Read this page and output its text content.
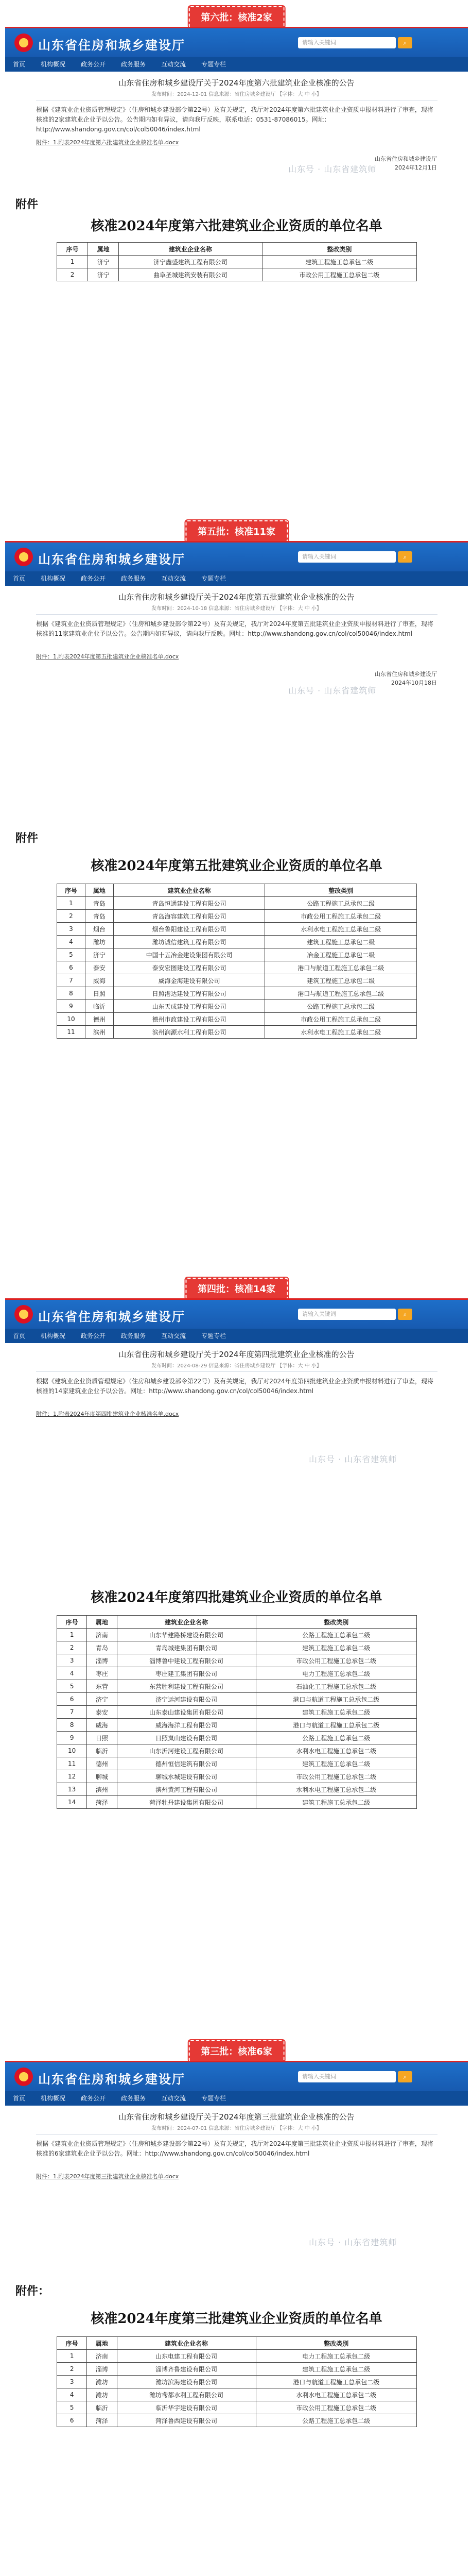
第六批：核准2家
山东省住房和城乡建设厅	请输入关键词	⌕
首页	机构概况	政务公开	政务服务	互动交流	专题专栏
山东省住房和城乡建设厅关于2024年度第六批建筑业企业核准的公告
发布时间：2024-12-01 信息来源：省住房城乡建设厅 【字体：大 中 小】
根据《建筑业企业资质管理规定》（住房和城乡建设部令第22号）及有关规定，我厅对2024年度第六批建筑业企业资质申报材料进行了审查，现将核准的2家建筑业企业予以公告。公告期内如有异议，请向我厅反映，联系电话：0531-87086015。网址：http://www.shandong.gov.cn/col/col50046/index.html
附件：1.附表2024年度第六批建筑业企业核准名单.docx
山东省住房和城乡建设厅
2024年12月1日
山东号 · 山东省建筑师
附件
核准2024年度第六批建筑业企业资质的单位名单
序号	属地	建筑业企业名称	整改类别
1	济宁	济宁鑫盛建筑工程有限公司	建筑工程施工总承包二级
2	济宁	曲阜圣城建筑安装有限公司	市政公用工程施工总承包二级
第五批：核准11家
山东省住房和城乡建设厅	请输入关键词	⌕
首页	机构概况	政务公开	政务服务	互动交流	专题专栏
山东省住房和城乡建设厅关于2024年度第五批建筑业企业核准的公告
发布时间：2024-10-18 信息来源：省住房城乡建设厅 【字体：大 中 小】
根据《建筑业企业资质管理规定》（住房和城乡建设部令第22号）及有关规定，我厅对2024年度第五批建筑业企业资质申报材料进行了审查，现将核准的11家建筑业企业予以公告。公告期内如有异议，请向我厅反映。网址：http://www.shandong.gov.cn/col/col50046/index.html
附件：1.附表2024年度第五批建筑业企业核准名单.docx
山东省住房和城乡建设厅
2024年10月18日
山东号 · 山东省建筑师
附件
核准2024年度第五批建筑业企业资质的单位名单
序号	属地	建筑业企业名称	整改类别
1	青岛	青岛恒通建设工程有限公司	公路工程施工总承包二级
2	青岛	青岛海容建筑工程有限公司	市政公用工程施工总承包二级
3	烟台	烟台鲁阳建设工程有限公司	水利水电工程施工总承包二级
4	潍坊	潍坊诚信建筑工程有限公司	建筑工程施工总承包二级
5	济宁	中国十五冶金建设集团有限公司	冶金工程施工总承包二级
6	泰安	泰安宏图建设工程有限公司	港口与航道工程施工总承包二级
7	威海	威海金海建设有限公司	建筑工程施工总承包二级
8	日照	日照港达建设工程有限公司	港口与航道工程施工总承包二级
9	临沂	山东天成建设工程有限公司	公路工程施工总承包二级
10	德州	德州市政建设工程有限公司	市政公用工程施工总承包二级
11	滨州	滨州润源水利工程有限公司	水利水电工程施工总承包二级
第四批：核准14家
山东省住房和城乡建设厅	请输入关键词	⌕
首页	机构概况	政务公开	政务服务	互动交流	专题专栏
山东省住房和城乡建设厅关于2024年度第四批建筑业企业核准的公告
发布时间：2024-08-29 信息来源：省住房城乡建设厅 【字体：大 中 小】
根据《建筑业企业资质管理规定》（住房和城乡建设部令第22号）及有关规定，我厅对2024年度第四批建筑业企业资质申报材料进行了审查，现将核准的14家建筑业企业予以公告。网址：http://www.shandong.gov.cn/col/col50046/index.html
附件：1.附表2024年度第四批建筑业企业核准名单.docx
山东号 · 山东省建筑师
核准2024年度第四批建筑业企业资质的单位名单
序号	属地	建筑业企业名称	整改类别
1	济南	山东华建路桥建设有限公司	公路工程施工总承包二级
2	青岛	青岛城建集团有限公司	建筑工程施工总承包二级
3	淄博	淄博鲁中建设工程有限公司	市政公用工程施工总承包二级
4	枣庄	枣庄建工集团有限公司	电力工程施工总承包二级
5	东营	东营胜利建设工程有限公司	石油化工工程施工总承包二级
6	济宁	济宁运河建设有限公司	港口与航道工程施工总承包二级
7	泰安	山东泰山建设集团有限公司	建筑工程施工总承包二级
8	威海	威海海洋工程有限公司	港口与航道工程施工总承包二级
9	日照	日照岚山建设有限公司	公路工程施工总承包二级
10	临沂	山东沂河建设工程有限公司	水利水电工程施工总承包二级
11	德州	德州恒信建筑有限公司	建筑工程施工总承包二级
12	聊城	聊城水城建设有限公司	市政公用工程施工总承包二级
13	滨州	滨州黄河工程有限公司	水利水电工程施工总承包二级
14	菏泽	菏泽牡丹建设集团有限公司	建筑工程施工总承包二级
第三批：核准6家
山东省住房和城乡建设厅	请输入关键词	⌕
首页	机构概况	政务公开	政务服务	互动交流	专题专栏
山东省住房和城乡建设厅关于2024年度第三批建筑业企业核准的公告
发布时间：2024-07-01 信息来源：省住房城乡建设厅 【字体：大 中 小】
根据《建筑业企业资质管理规定》（住房和城乡建设部令第22号）及有关规定，我厅对2024年度第三批建筑业企业资质申报材料进行了审查，现将核准的6家建筑业企业予以公告。网址：http://www.shandong.gov.cn/col/col50046/index.html
附件：1.附表2024年度第三批建筑业企业核准名单.docx
山东号 · 山东省建筑师
附件：
核准2024年度第三批建筑业企业资质的单位名单
序号	属地	建筑业企业名称	整改类别
1	济南	山东电建工程有限公司	电力工程施工总承包二级
2	淄博	淄博齐鲁建设有限公司	建筑工程施工总承包二级
3	潍坊	潍坊滨海建设有限公司	港口与航道工程施工总承包二级
4	潍坊	潍坊鸢都水利工程有限公司	水利水电工程施工总承包二级
5	临沂	临沂华宇建设有限公司	市政公用工程施工总承包二级
6	菏泽	菏泽鲁西建设有限公司	公路工程施工总承包二级
